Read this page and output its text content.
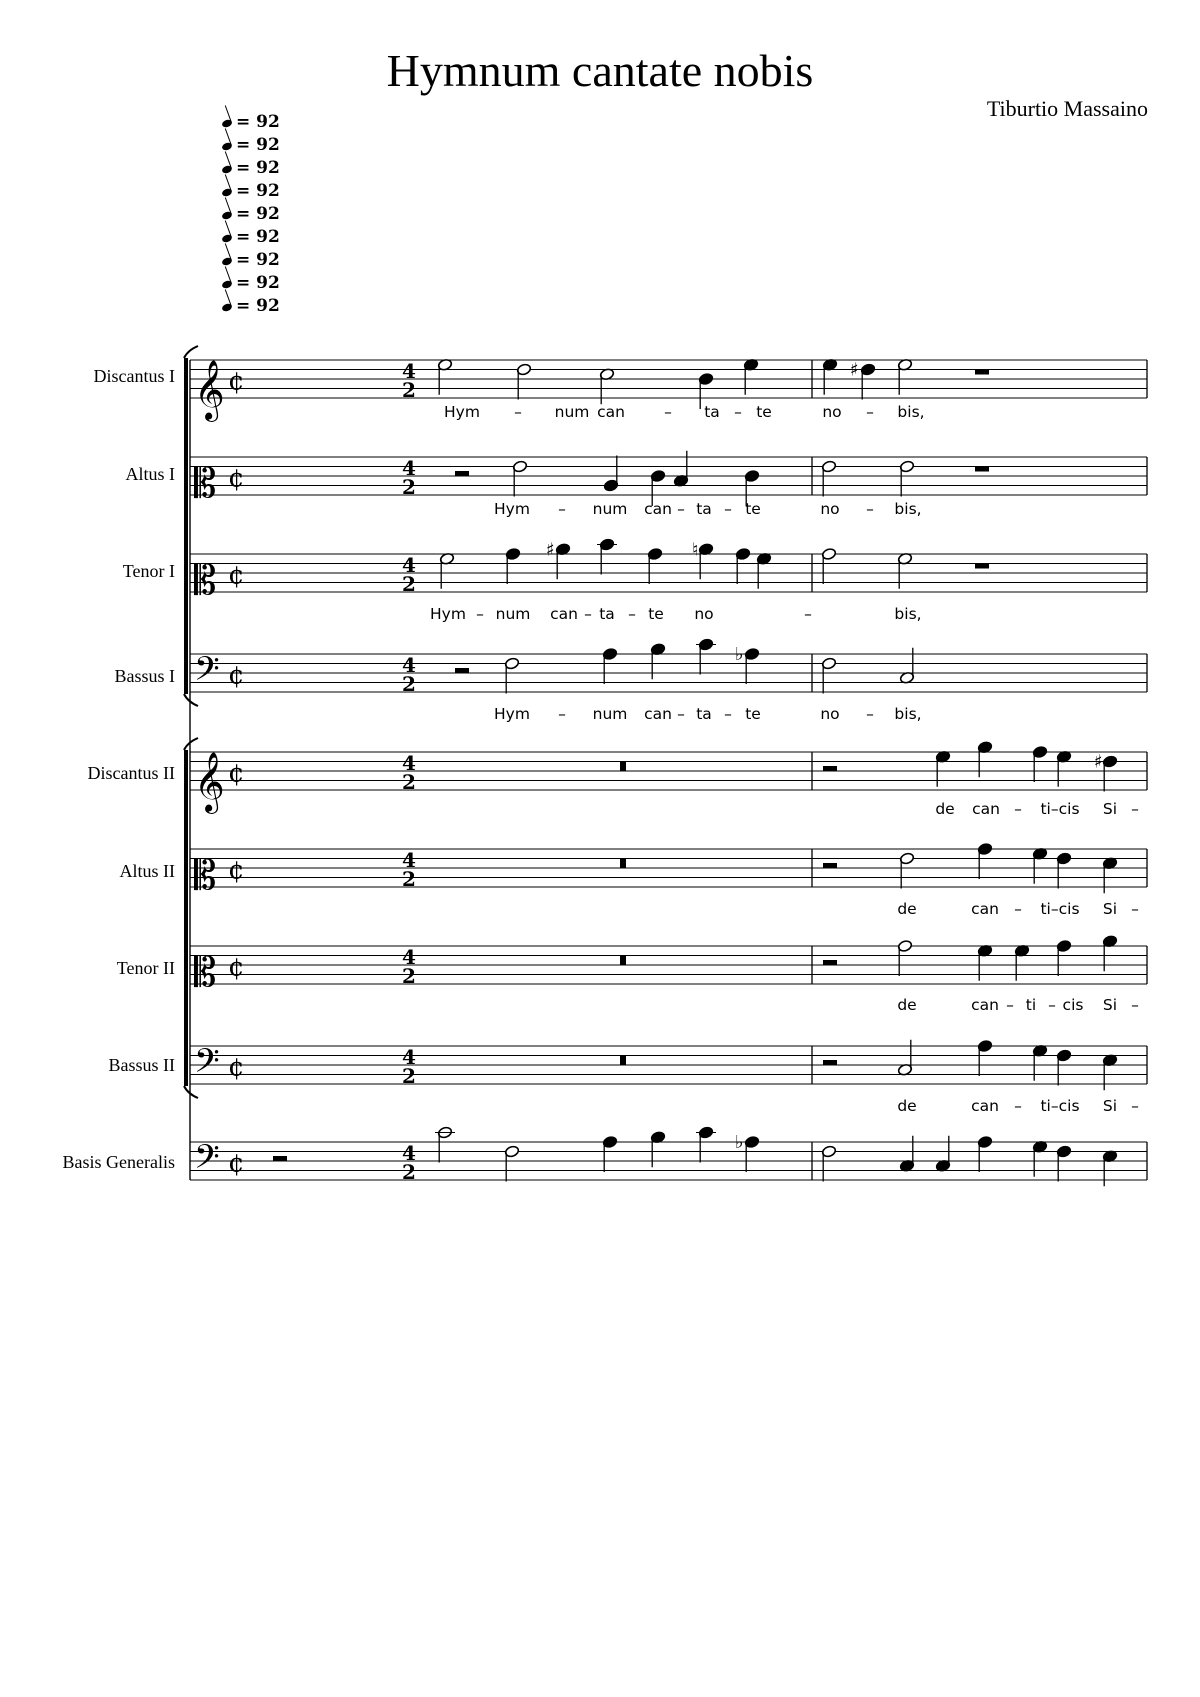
Hymnum cantate nobis
Tiburtio Massaino
= 92
= 92
= 92
= 92
= 92
= 92
= 92
= 92
= 92
Discantus I
Altus I
Tenor I
Bassus I
Discantus II
Altus II
Tenor II
Bassus II
Basis Generalis
Hym – num can	– ta – te	no – bis,
Hym – num can – ta – te	no – bis,
Hym – num can – ta – te no	–	bis,
Hym – num can – ta – te	no – bis,
de can – ti–cis Si –
de	can – ti–cis Si –
de	can – ti – cis Si –
de	can – ti–cis Si –
𝄞 ¢	4
2
𝄡 ¢	4
2
𝄡 ¢	4
2
𝄢 ¢	4
2
𝄞 ¢	4
2
𝄡 ¢	4
2
𝄡 ¢	4
2
𝄢 ¢	4
2
𝄢 ¢	4
2
♯
♯	♮
♭
♯
♭
